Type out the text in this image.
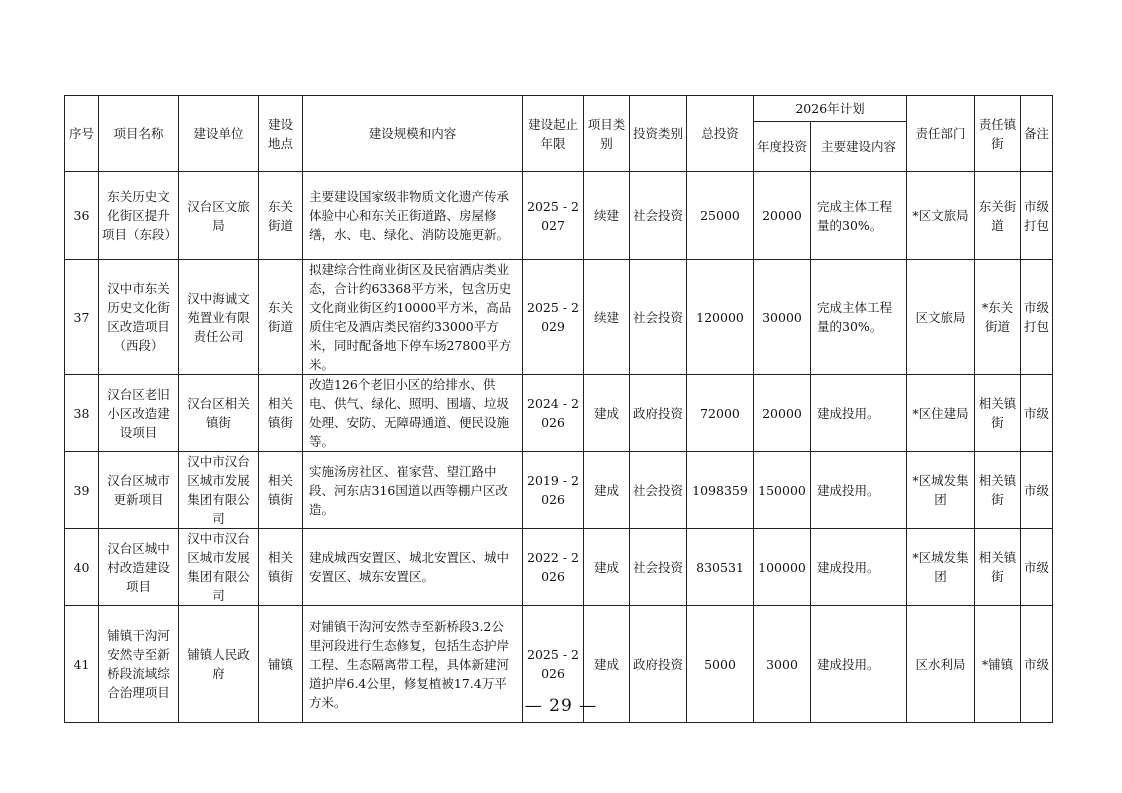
序号	项目名称	建设单位	建设地点	建设规模和内容	建设起止年限	项目类别	投资类别	总投资	2026年计划		责任部门	责任镇街	备注
									年度投资	主要建设内容			
36	东关历史文化街区提升项目（东段）	汉台区文旅局	东关街道	主要建设国家级非物质文化遗产传承体验中心和东关正街道路、房屋修缮，水、电、绿化、消防设施更新。	2025 - 2027	续建	社会投资	25000	20000	完成主体工程量的30%。	*区文旅局	东关街道	市级打包
37	汉中市东关历史文化街区改造项目（西段）	汉中海诚文苑置业有限责任公司	东关街道	拟建综合性商业街区及民宿酒店类业态，合计约63368平方米，包含历史文化商业街区约10000平方米，高品质住宅及酒店类民宿约33000平方米，同时配备地下停车场27800平方米。	2025 - 2029	续建	社会投资	120000	30000	完成主体工程量的30%。	区文旅局	*东关街道	市级打包
38	汉台区老旧小区改造建设项目	汉台区相关镇街	相关镇街	改造126个老旧小区的给排水、供电、供气、绿化、照明、围墙、垃圾处理、安防、无障碍通道、便民设施等。	2024 - 2026	建成	政府投资	72000	20000	建成投用。	*区住建局	相关镇街	市级
39	汉台区城市更新项目	汉中市汉台区城市发展集团有限公司	相关镇街	实施汤房社区、崔家营、望江路中段、河东店316国道以西等棚户区改造。	2019 - 2026	建成	社会投资	1098359	150000	建成投用。	*区城发集团	相关镇街	市级
40	汉台区城中村改造建设项目	汉中市汉台区城市发展集团有限公司	相关镇街	建成城西安置区、城北安置区、城中安置区、城东安置区。	2022 - 2026	建成	社会投资	830531	100000	建成投用。	*区城发集团	相关镇街	市级
41	铺镇干沟河安然寺至新桥段流域综合治理项目	铺镇人民政府	铺镇	对铺镇干沟河安然寺至新桥段3.2公里河段进行生态修复，包括生态护岸工程、生态隔离带工程，具体新建河道护岸6.4公里，修复植被17.4万平方米。	2025 - 2026	建成	政府投资	5000	3000	建成投用。	区水利局	*铺镇	市级
— 29 —
